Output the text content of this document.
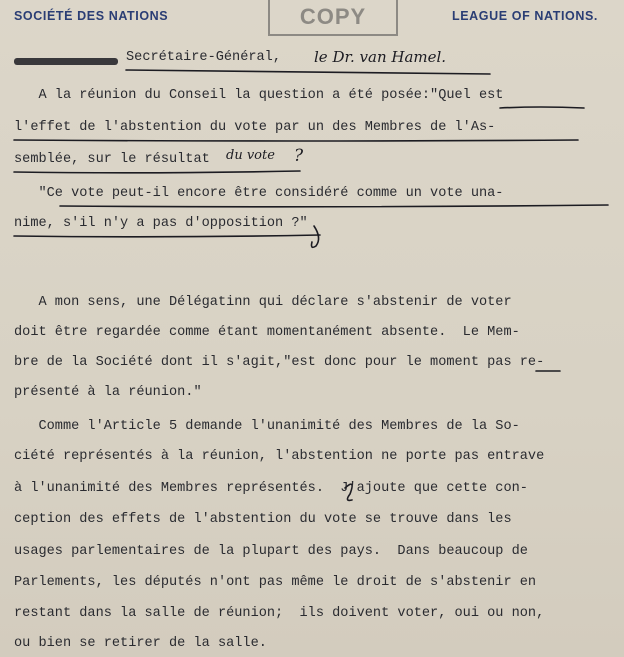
SOCIÉTÉ DES NATIONS	COPY	LEAGUE OF NATIONS.
Secrétaire-Général, le Dr. van Hamel.
A la réunion du Conseil la question a été posée:"Quel est
l'effet de l'abstention du vote par un des Membres de l'As-
semblée, sur le résultat du vote ?
"Ce vote peut-il encore être considéré comme un vote una-
nime, s'il n'y a pas d'opposition ?"
A mon sens, une Délégatinn qui déclare s'abstenir de voter
doit être regardée comme étant momentanément absente.  Le Mem-
bre de la Société dont il s'agit,"est donc pour le moment pas re-
présenté à la réunion."
Comme l'Article 5 demande l'unanimité des Membres de la So-
ciété représentés à la réunion, l'abstention ne porte pas entrave
à l'unanimité des Membres représentés.  J'ajoute que cette con-
ception des effets de l'abstention du vote se trouve dans les
usages parlementaires de la plupart des pays.  Dans beaucoup de
Parlements, les députés n'ont pas même le droit de s'abstenir en
restant dans la salle de réunion;  ils doivent voter, oui ou non,
ou bien se retirer de la salle.
